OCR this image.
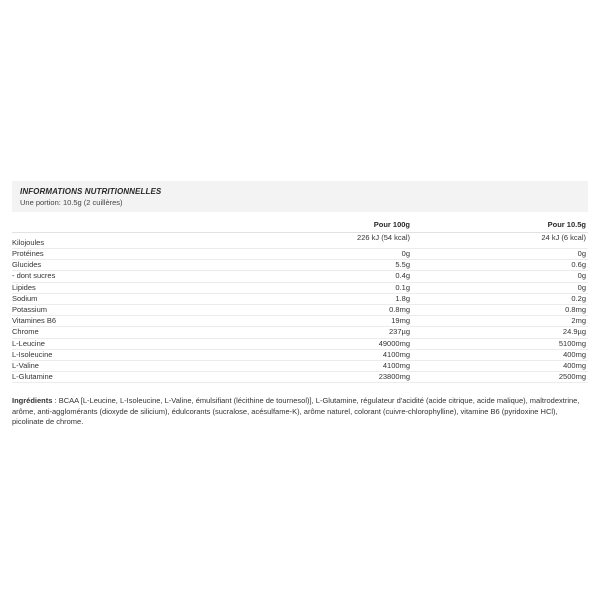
INFORMATIONS NUTRITIONNELLES
Une portion: 10.5g (2 cuillères)
	Pour 100g	Pour 10.5g
Kilojoules	226 kJ (54 kcal)	24 kJ (6 kcal)
Protéines	0g	0g
Glucides	5.5g	0.6g
- dont sucres	0.4g	0g
Lipides	0.1g	0g
Sodium	1.8g	0.2g
Potassium	0.8mg	0.8mg
Vitamines B6	19mg	2mg
Chrome	237µg	24.9µg
L-Leucine	49000mg	5100mg
L-Isoleucine	4100mg	400mg
L-Valine	4100mg	400mg
L-Glutamine	23800mg	2500mg
Ingrédients : BCAA [L-Leucine, L-Isoleucine, L-Valine, émulsifiant (lécithine de tournesol)], L-Glutamine, régulateur d'acidité (acide citrique, acide malique), maltrodextrine, arôme, anti-agglomérants (dioxyde de silicium), édulcorants (sucralose, acésulfame-K), arôme naturel, colorant (cuivre-chlorophylline), vitamine B6 (pyridoxine HCl), picolinate de chrome.
